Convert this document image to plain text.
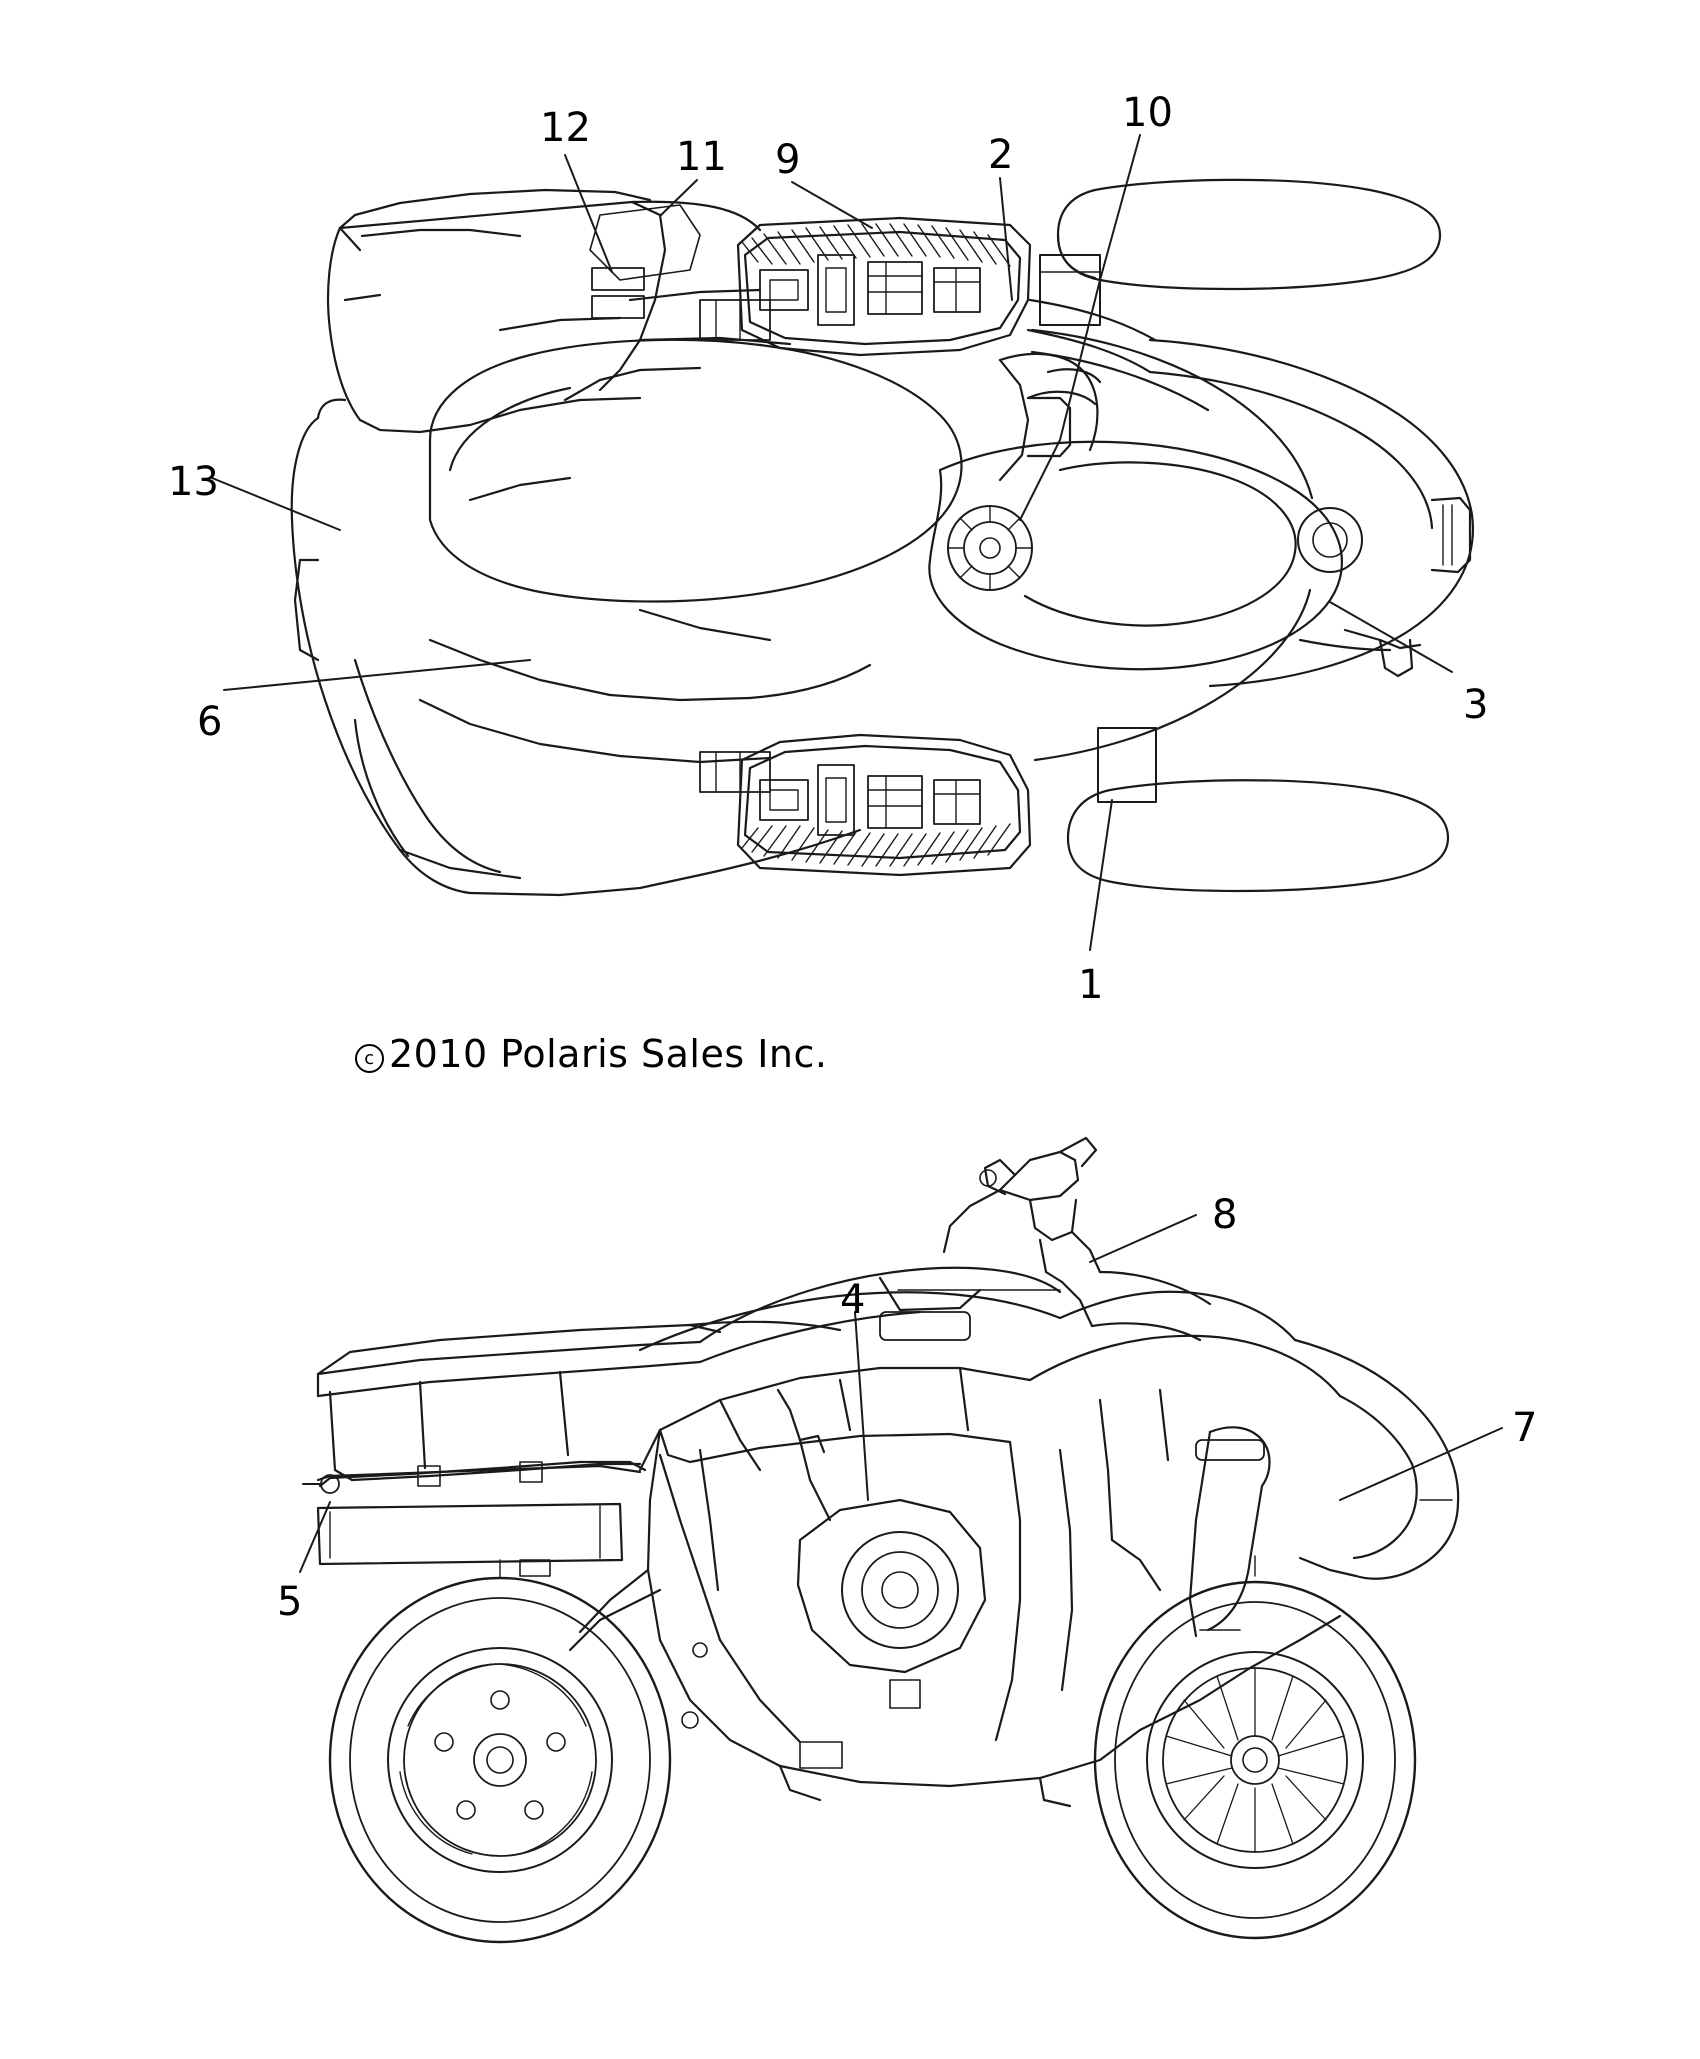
12
11 9	2
10
13
6	3
1
8
4
7
5
c 2010 Polaris Sales Inc.
